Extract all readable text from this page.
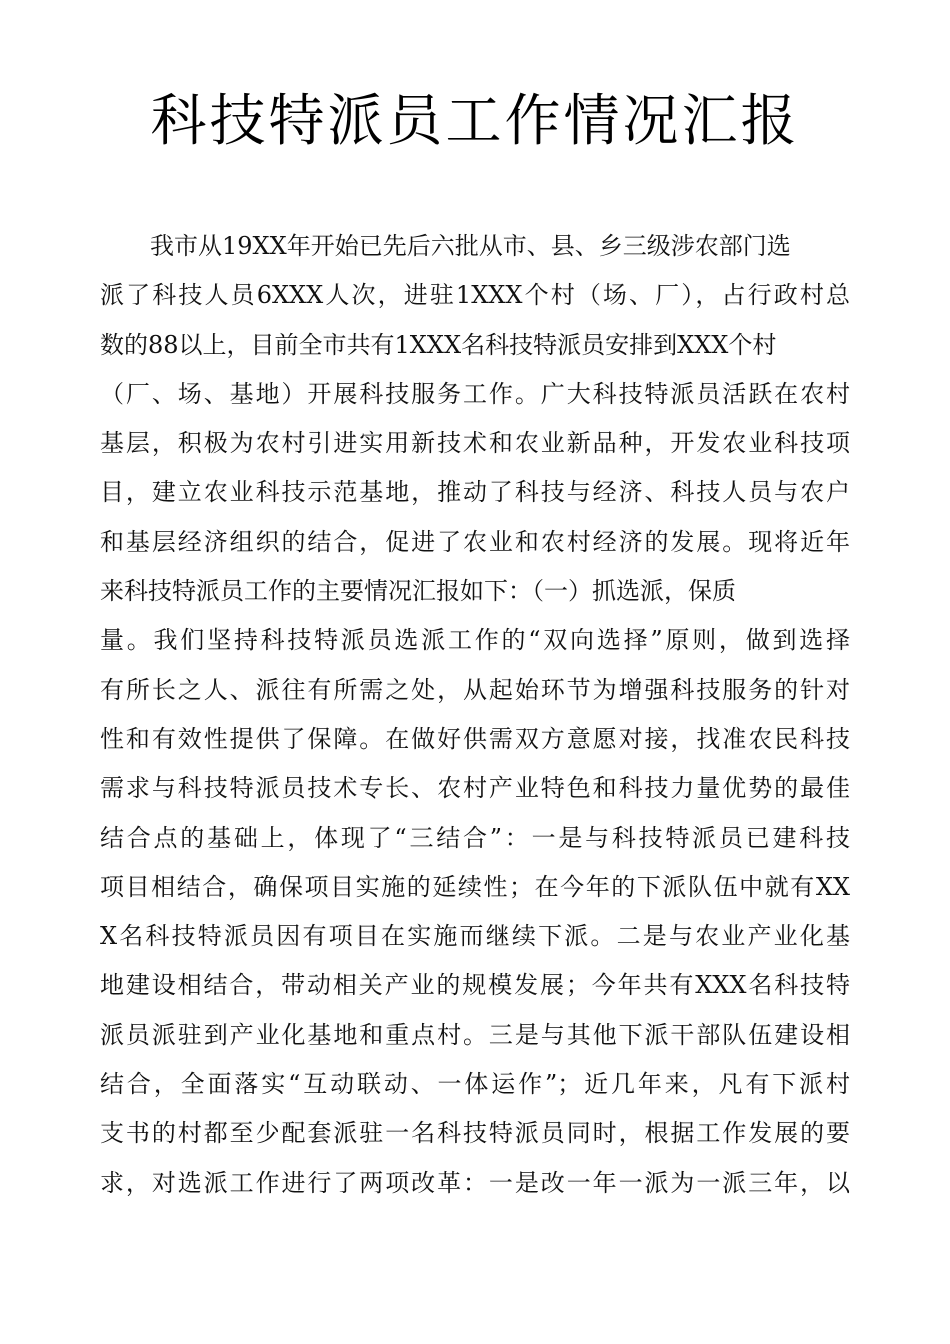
科技特派员工作情况汇报
我市从19XX年开始已先后六批从市、县、乡三级涉农部门选
派了科技人员6XXX人次，进驻1XXX个村（场、厂），占行政村总
数的88以上，目前全市共有1XXX名科技特派员安排到XXX个村
（厂、场、基地）开展科技服务工作。广大科技特派员活跃在农村
基层，积极为农村引进实用新技术和农业新品种，开发农业科技项
目，建立农业科技示范基地，推动了科技与经济、科技人员与农户
和基层经济组织的结合，促进了农业和农村经济的发展。现将近年
来科技特派员工作的主要情况汇报如下：（一）抓选派，保质
量。我们坚持科技特派员选派工作的“双向选择”原则，做到选择
有所长之人、派往有所需之处，从起始环节为增强科技服务的针对
性和有效性提供了保障。在做好供需双方意愿对接，找准农民科技
需求与科技特派员技术专长、农村产业特色和科技力量优势的最佳
结合点的基础上，体现了“三结合”：一是与科技特派员已建科技
项目相结合，确保项目实施的延续性；在今年的下派队伍中就有XX
X名科技特派员因有项目在实施而继续下派。二是与农业产业化基
地建设相结合，带动相关产业的规模发展；今年共有XXX名科技特
派员派驻到产业化基地和重点村。三是与其他下派干部队伍建设相
结合，全面落实“互动联动、一体运作”；近几年来，凡有下派村
支书的村都至少配套派驻一名科技特派员同时，根据工作发展的要
求，对选派工作进行了两项改革：一是改一年一派为一派三年，以
